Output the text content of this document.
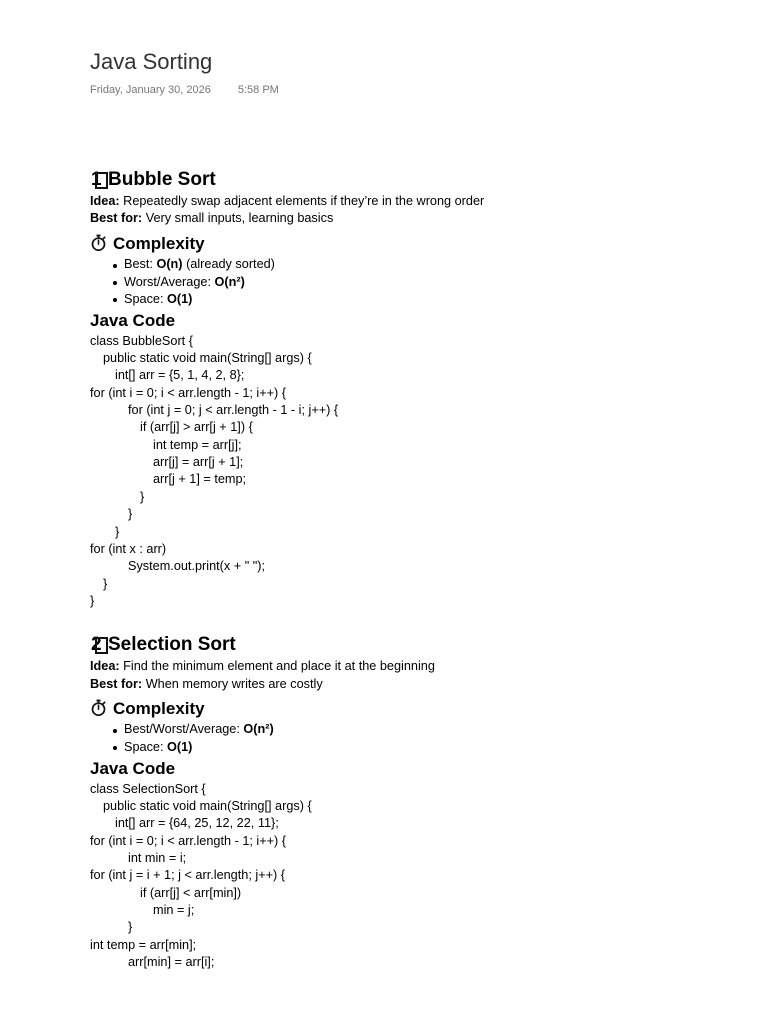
Java Sorting
Friday, January 30, 2026 5:58 PM
1 Bubble Sort
Idea: Repeatedly swap adjacent elements if they’re in the wrong order
Best for: Very small inputs, learning basics
Complexity
Best: O(n) (already sorted)
Worst/Average: O(n²)
Space: O(1)
Java Code
class BubbleSort {
public static void main(String[] args) {
int[] arr = {5, 1, 4, 2, 8};
for (int i = 0; i < arr.length - 1; i++) {
for (int j = 0; j < arr.length - 1 - i; j++) {
if (arr[j] > arr[j + 1]) {
int temp = arr[j];
arr[j] = arr[j + 1];
arr[j + 1] = temp;
}
}
}
for (int x : arr)
System.out.print(x + " ");
}
}
2 Selection Sort
Idea: Find the minimum element and place it at the beginning
Best for: When memory writes are costly
Complexity
Best/Worst/Average: O(n²)
Space: O(1)
Java Code
class SelectionSort {
public static void main(String[] args) {
int[] arr = {64, 25, 12, 22, 11};
for (int i = 0; i < arr.length - 1; i++) {
int min = i;
for (int j = i + 1; j < arr.length; j++) {
if (arr[j] < arr[min])
min = j;
}
int temp = arr[min];
arr[min] = arr[i];
